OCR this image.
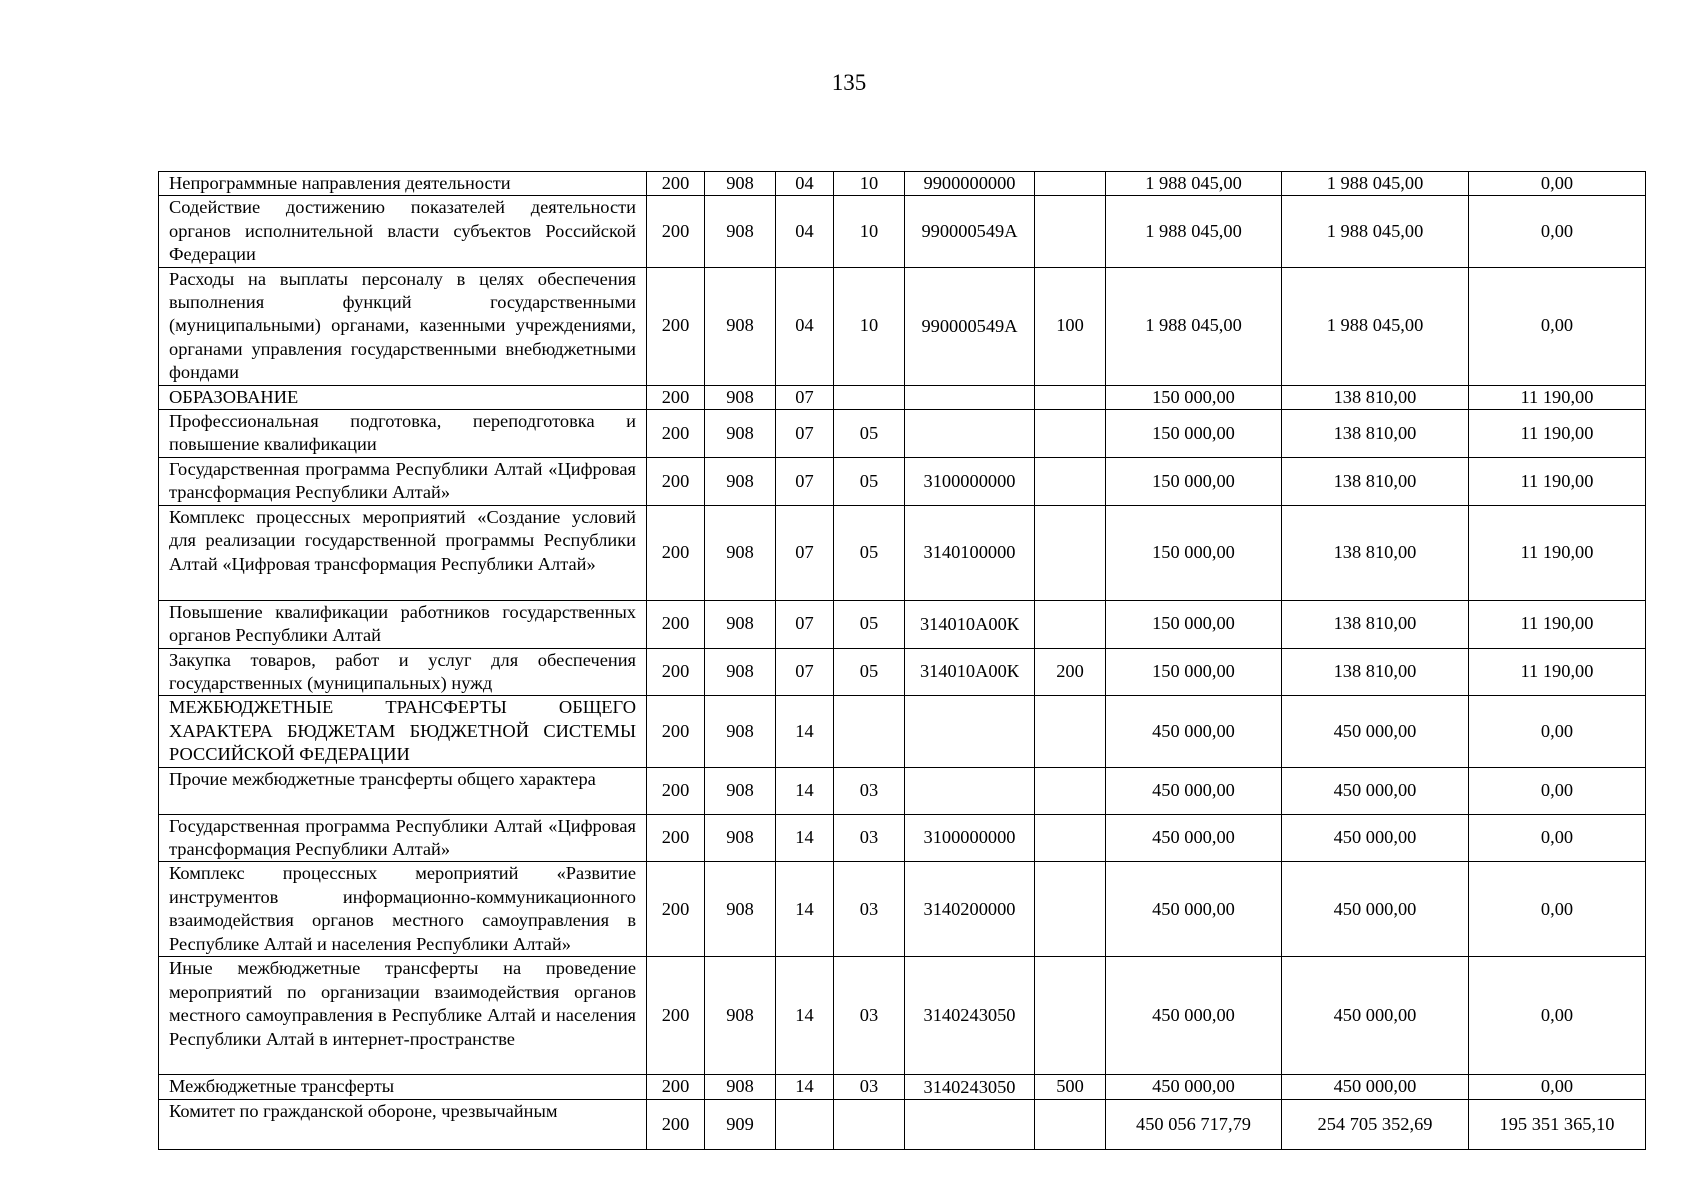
135
Непрограммные направления деятельности	200	908	04	10	9900000000		1 988 045,00	1 988 045,00	0,00
Содействие достижению показателей деятельности органов исполнительной власти субъектов Российской Федерации	200	908	04	10	990000549А		1 988 045,00	1 988 045,00	0,00
Расходы на выплаты персоналу в целях обеспечения выполнения функций государственными (муниципальными) органами, казенными учреждениями, органами управления государственными внебюджетными фондами	200	908	04	10	990000549А	100	1 988 045,00	1 988 045,00	0,00
ОБРАЗОВАНИЕ	200	908	07				150 000,00	138 810,00	11 190,00
Профессиональная подготовка, переподготовка и повышение квалификации	200	908	07	05			150 000,00	138 810,00	11 190,00
Государственная программа Республики Алтай «Цифровая трансформация Республики Алтай»	200	908	07	05	3100000000		150 000,00	138 810,00	11 190,00
Комплекс процессных мероприятий «Создание условий для реализации государственной программы Республики Алтай «Цифровая трансформация Республики Алтай»	200	908	07	05	3140100000		150 000,00	138 810,00	11 190,00
Повышение квалификации работников государственных органов Республики Алтай	200	908	07	05	314010А00К		150 000,00	138 810,00	11 190,00
Закупка товаров, работ и услуг для обеспечения государственных (муниципальных) нужд	200	908	07	05	314010А00К	200	150 000,00	138 810,00	11 190,00
МЕЖБЮДЖЕТНЫЕ ТРАНСФЕРТЫ ОБЩЕГО ХАРАКТЕРА БЮДЖЕТАМ БЮДЖЕТНОЙ СИСТЕМЫ РОССИЙСКОЙ ФЕДЕРАЦИИ	200	908	14				450 000,00	450 000,00	0,00
Прочие межбюджетные трансферты общего характера	200	908	14	03			450 000,00	450 000,00	0,00
Государственная программа Республики Алтай «Цифровая трансформация Республики Алтай»	200	908	14	03	3100000000		450 000,00	450 000,00	0,00
Комплекс процессных мероприятий «Развитие инструментов информационно-коммуникационного взаимодействия органов местного самоуправления в Республике Алтай и населения Республики Алтай»	200	908	14	03	3140200000		450 000,00	450 000,00	0,00
Иные межбюджетные трансферты на проведение мероприятий по организации взаимодействия органов местного самоуправления в Республике Алтай и населения Республики Алтай в интернет-пространстве	200	908	14	03	3140243050		450 000,00	450 000,00	0,00
Межбюджетные трансферты	200	908	14	03	3140243050	500	450 000,00	450 000,00	0,00
Комитет по гражданской обороне, чрезвычайным	200	909					450 056 717,79	254 705 352,69	195 351 365,10
